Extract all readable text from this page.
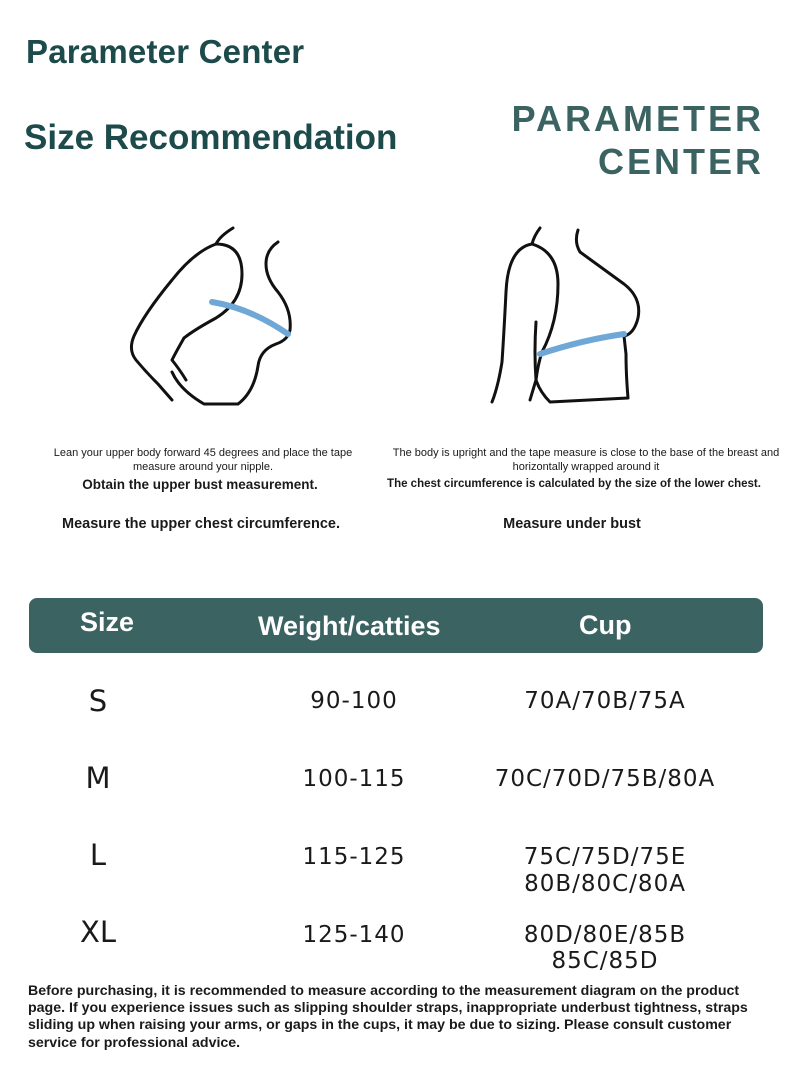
Parameter Center
Size Recommendation	PARAMETER
CENTER
Lean your upper body forward 45 degrees and place the tape measure around your nipple.
Obtain the upper bust measurement.
Measure the upper chest circumference.
The body is upright and the tape measure is close to the base of the breast and horizontally wrapped around it
The chest circumference is calculated by the size of the lower chest.
Measure under bust
Size	Weight/catties	Cup
S	90-100	70A/70B/75A
M	100-115	70C/70D/75B/80A
L	115-125	75C/75D/75E
80B/80C/80A
XL	125-140	80D/80E/85B
85C/85D
Before purchasing, it is recommended to measure according to the measurement diagram on the product page. If you experience issues such as slipping shoulder straps, inappropriate underbust tightness, straps sliding up when raising your arms, or gaps in the cups, it may be due to sizing. Please consult customer service for professional advice.
